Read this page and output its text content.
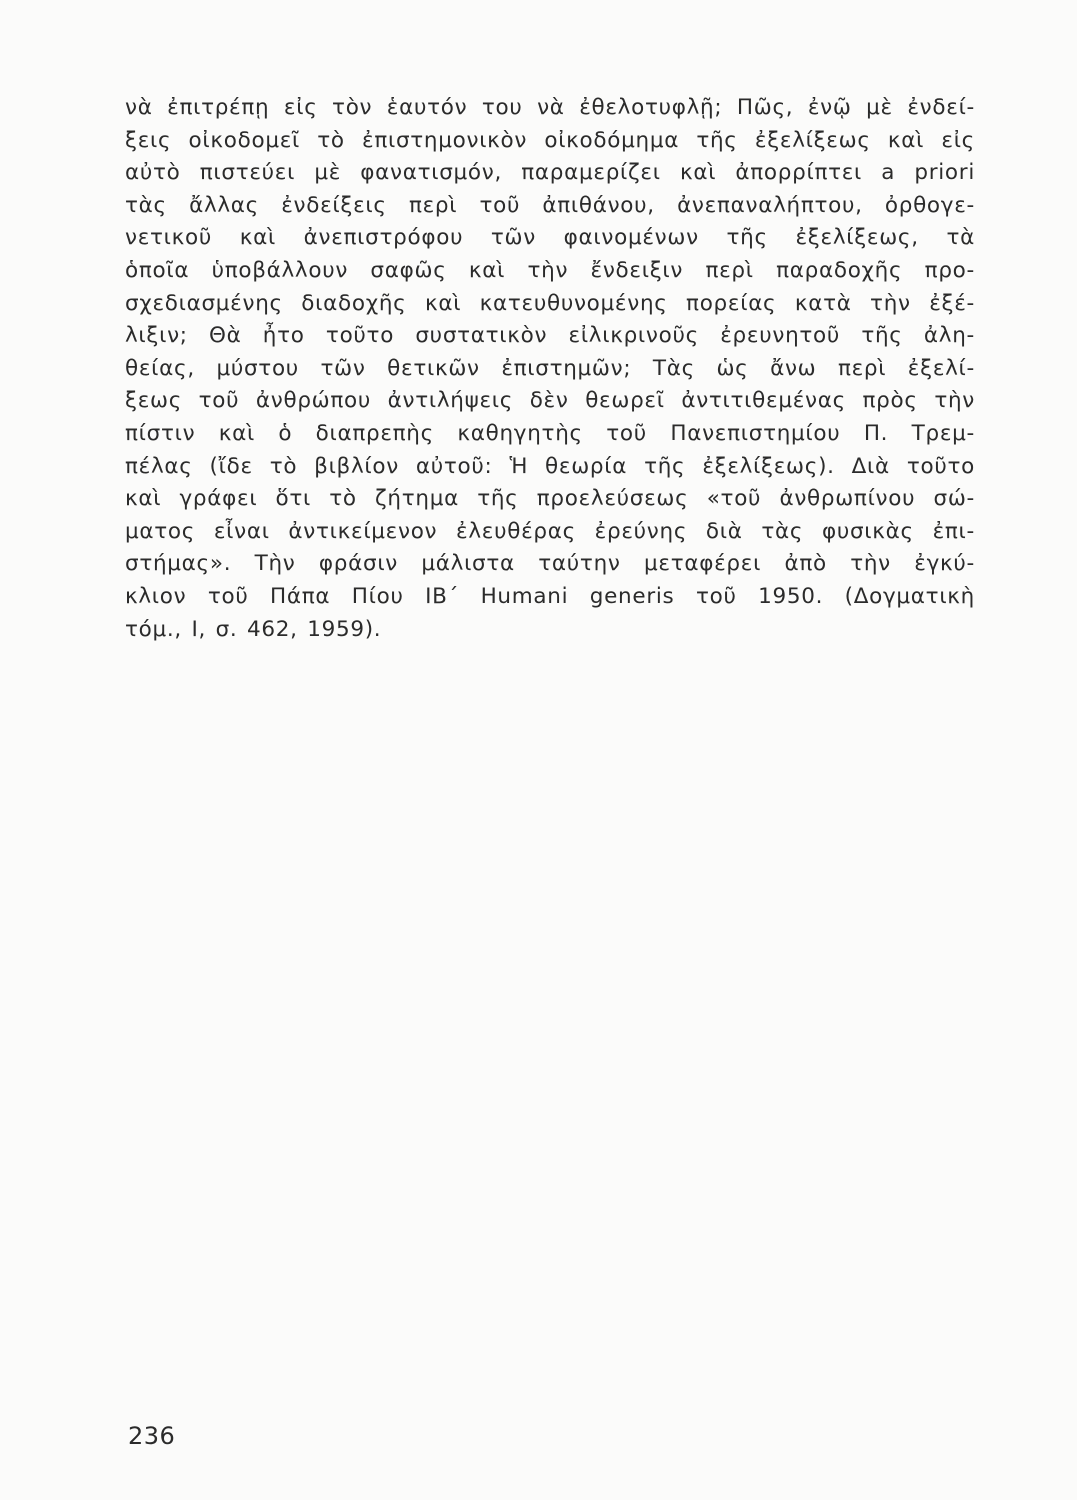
νὰ ἐπιτρέπῃ εἰς τὸν ἑαυτόν του νὰ ἐθελοτυφλῇ; Πῶς, ἐνῷ μὲ ἐνδεί-
ξεις οἰκοδομεῖ τὸ ἐπιστημονικὸν οἰκοδόμημα τῆς ἐξελίξεως καὶ εἰς
αὐτὸ πιστεύει μὲ φανατισμόν, παραμερίζει καὶ ἀπορρίπτει a priori
τὰς ἄλλας ἐνδείξεις περὶ τοῦ ἀπιθάνου, ἀνεπαναλήπτου, ὀρθογε-
νετικοῦ καὶ ἀνεπιστρόφου τῶν φαινομένων τῆς ἐξελίξεως, τὰ
ὁποῖα ὑποβάλλουν σαφῶς καὶ τὴν ἔνδειξιν περὶ παραδοχῆς προ-
σχεδιασμένης διαδοχῆς καὶ κατευθυνομένης πορείας κατὰ τὴν ἐξέ-
λιξιν; Θὰ ἦτο τοῦτο συστατικὸν εἰλικρινοῦς ἐρευνητοῦ τῆς ἀλη-
θείας, μύστου τῶν θετικῶν ἐπιστημῶν; Τὰς ὡς ἄνω περὶ ἐξελί-
ξεως τοῦ ἀνθρώπου ἀντιλήψεις δὲν θεωρεῖ ἀντιτιθεμένας πρὸς τὴν
πίστιν καὶ ὁ διαπρεπὴς καθηγητὴς τοῦ Πανεπιστημίου Π. Τρεμ-
πέλας (ἴδε τὸ βιβλίον αὐτοῦ: Ἡ θεωρία τῆς ἐξελίξεως). Διὰ τοῦτο
καὶ γράφει ὅτι τὸ ζήτημα τῆς προελεύσεως «τοῦ ἀνθρωπίνου σώ-
ματος εἶναι ἀντικείμενον ἐλευθέρας ἐρεύνης διὰ τὰς φυσικὰς ἐπι-
στήμας». Τὴν φράσιν μάλιστα ταύτην μεταφέρει ἀπὸ τὴν ἐγκύ-
κλιον τοῦ Πάπα Πίου ΙΒ΄ Humani generis τοῦ 1950. (Δογματικὴ
τόμ., Ι, σ. 462, 1959).
236
